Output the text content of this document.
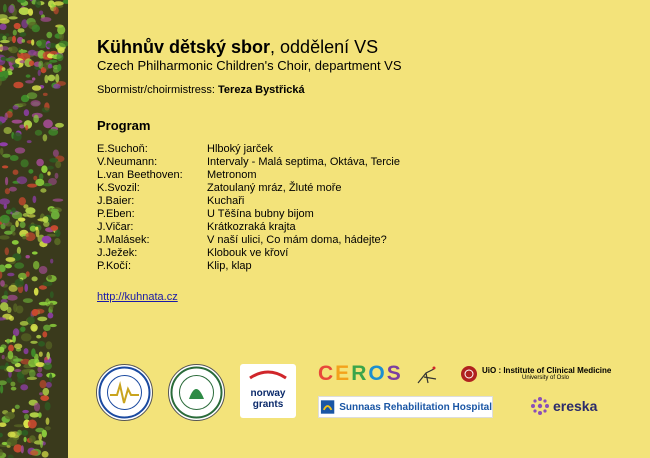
Kühnův dětský sbor, oddělení VS
Czech Philharmonic Children's Choir, department VS
Sbormistr/choirmistress: Tereza Bystřická
Program
E.Suchoň:	Hlboký jarček
V.Neumann:	Intervaly - Malá septima, Oktáva, Tercie
L.van Beethoven:	Metronom
K.Svozil:	Zatoulaný mráz, Žluté moře
J.Baier:	Kuchaři
P.Eben:	U Těšína bubny bijom
J.Vičar:	Krátkozraká krajta
J.Malásek:	V naší ulici, Co mám doma, hádejte?
J.Ježek:	Klobouk ve křoví
P.Kočí:	Klip, klap
http://kuhnata.cz
norway
grants
CEROS	UiO : Institute of Clinical Medicine
University of Oslo
Sunnaas Rehabilitation Hospital	ereska
